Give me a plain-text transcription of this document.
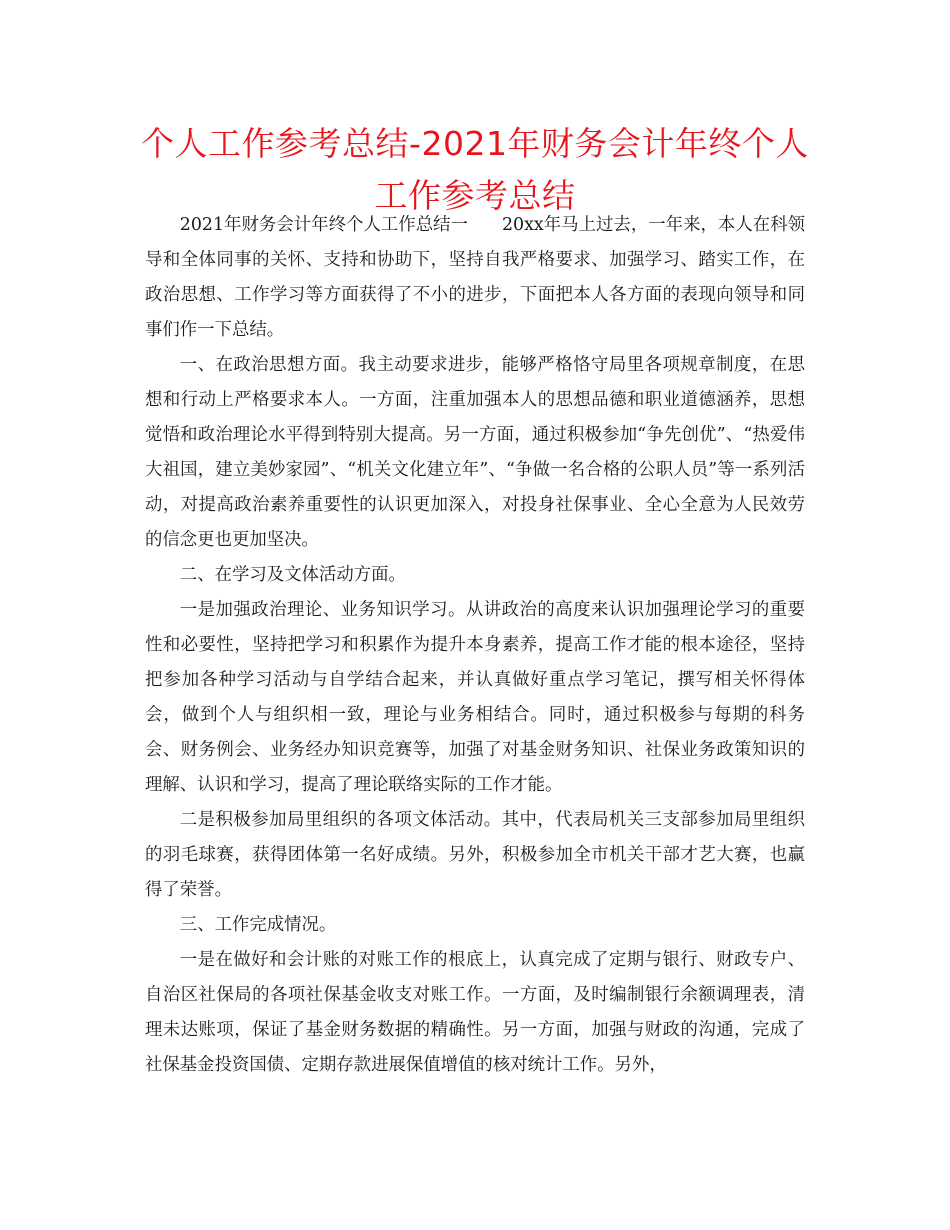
个人工作参考总结-2021年财务会计年终个人工作参考总结

2021年财务会计年终个人工作总结一 20xx年马上过去，一年来，本人在科领导和全体同事的关怀、支持和协助下，坚持自我严格要求、加强学习、踏实工作，在政治思想、工作学习等方面获得了不小的进步，下面把本人各方面的表现向领导和同事们作一下总结。

一、在政治思想方面。我主动要求进步，能够严格恪守局里各项规章制度，在思想和行动上严格要求本人。一方面，注重加强本人的思想品德和职业道德涵养，思想觉悟和政治理论水平得到特别大提高。另一方面，通过积极参加“争先创优”、“热爱伟大祖国，建立美妙家园”、“机关文化建立年”、“争做一名合格的公职人员”等一系列活动，对提高政治素养重要性的认识更加深入，对投身社保事业、全心全意为人民效劳的信念更也更加坚决。

二、在学习及文体活动方面。

一是加强政治理论、业务知识学习。从讲政治的高度来认识加强理论学习的重要性和必要性，坚持把学习和积累作为提升本身素养，提高工作才能的根本途径，坚持把参加各种学习活动与自学结合起来，并认真做好重点学习笔记，撰写相关怀得体会，做到个人与组织相一致，理论与业务相结合。同时，通过积极参与每期的科务会、财务例会、业务经办知识竞赛等，加强了对基金财务知识、社保业务政策知识的理解、认识和学习，提高了理论联络实际的工作才能。

二是积极参加局里组织的各项文体活动。其中，代表局机关三支部参加局里组织的羽毛球赛，获得团体第一名好成绩。另外，积极参加全市机关干部才艺大赛，也赢得了荣誉。

三、工作完成情况。

一是在做好和会计账的对账工作的根底上，认真完成了定期与银行、财政专户、自治区社保局的各项社保基金收支对账工作。一方面，及时编制银行余额调理表，清理未达账项，保证了基金财务数据的精确性。另一方面，加强与财政的沟通，完成了社保基金投资国债、定期存款进展保值增值的核对统计工作。另外，
